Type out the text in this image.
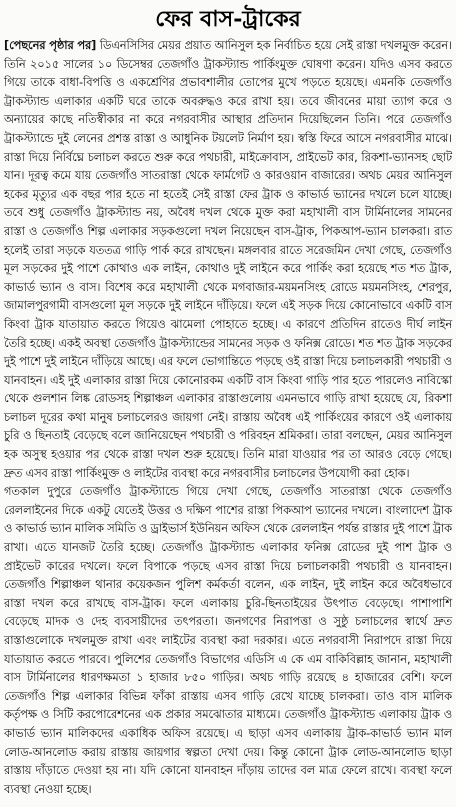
ফের বাস-ট্রাকের
[পেছনের পৃষ্ঠার পর] ডিএনসিসির মেয়র প্রয়াত আনিসুল হক নির্বাচিত হয়ে সেই রাস্তা দখলমুক্ত করেন। তিনি ২০১৫ সালের ১০ ডিসেম্বর তেজগাঁও ট্রাকস্ট্যান্ড পার্কিংমুক্ত ঘোষণা করেন। যদিও এসব করতে গিয়ে তাকে বাধা-বিপত্তি ও একশ্রেণির প্রভাবশালীর তোপের মুখে পড়তে হয়েছে। এমনকি তেজগাঁও ট্রাকস্ট্যান্ড এলাকার একটি ঘরে তাকে অবরুদ্ধও করে রাখা হয়। তবে জীবনের মায়া ত্যাগ করে ও অন্যায়ের কাছে নতিস্বীকার না করে নগরবাসীর আস্থার প্রতিদান দিয়েছিলেন তিনি। পরে তেজগাঁও ট্রাকস্ট্যান্ডে দুই লেনের প্রশস্ত রাস্তা ও আধুনিক টয়লেট নির্মাণ হয়। স্বস্তি ফিরে আসে নগরবাসীর মাঝে। রাস্তা দিয়ে নির্বিঘ্নে চলাচল করতে শুরু করে পথচারী, মাইক্রোবাস, প্রাইভেট কার, রিকশা-ভ্যানসহ ছোট যান। দূরত্ব কমে যায় তেজগাঁও সাতরাস্তা থেকে ফার্মগেট ও কারওয়ান বাজারের। অথচ মেয়র আনিসুল হকের মৃত্যুর এক বছর পার হতে না হতেই সেই রাস্তা ফের ট্রাক ও কাভার্ড ভ্যানের দখলে চলে যাচ্ছে। তবে শুধু তেজগাঁও ট্রাকস্ট্যান্ড নয়, অবৈধ দখল থেকে মুক্ত করা মহাখালী বাস টার্মিনালের সামনের রাস্তা ও তেজগাঁও শিল্প এলাকার সড়কগুলো দখল নিয়েছেন বাস-ট্রাক, পিকআপ-ভ্যান চালকরা। রাত হলেই তারা সড়কে যততত্র গাড়ি পার্ক করে রাখছেন। মঙ্গলবার রাতে সরেজমিন দেখা গেছে, তেজগাঁও মূল সড়কের দুই পাশে কোথাও এক লাইন, কোথাও দুই লাইনে করে পার্কিং করা হয়েছে শত শত ট্রাক, কাভার্ড ভ্যান ও বাস। বিশেষ করে মহাখালী থেকে মগবাজার-ময়মনসিংহ রোডে ময়মনসিংহ, শেরপুর, জামালপুরগামী বাসগুলো মূল সড়কে দুই লাইনে দাঁড়িয়ে। ফলে এই সড়ক দিয়ে কোনোভাবে একটি বাস কিংবা ট্রাক যাতায়াত করতে গিয়েও ঝামেলা পোহাতে হচ্ছে। এ কারণে প্রতিদিন রাতেও দীর্ঘ লাইন তৈরি হচ্ছে। একই অবস্থা তেজগাঁও ট্রাকস্ট্যান্ডের সামনের সড়ক ও ফনিক্স রোডে। শত শত ট্রাক সড়কের দুই পাশে দুই লাইনে দাঁড়িয়ে আছে। এর ফলে ভোগান্তিতে পড়ছে ওই রাস্তা দিয়ে চলাচলকারী পথচারী ও যানবাহন। এই দুই এলাকার রাস্তা দিয়ে কোনোরকম একটি বাস কিংবা গাড়ি পার হতে পারলেও নাবিস্কো থেকে গুলশান লিঙ্ক রোডসহ শিল্পাঞ্চল এলাকার রাস্তাগুলোয় এমনভাবে গাড়ি রাখা হয়েছে যে, রিকশা চলাচল দূরের কথা মানুষ চলাচলেরও জায়গা নেই। রাস্তায় অবৈধ এই পার্কিংয়ের কারণে ওই এলাকায় চুরি ও ছিনতাই বেড়েছে বলে জানিয়েছেন পথচারী ও পরিবহন শ্রমিকরা। তারা বলছেন, মেয়র আনিসুল হক অসুস্থ হওয়ার পর থেকে রাস্তা দখল শুরু হয়েছে। তিনি মারা যাওয়ার পর তা আরও বেড়ে গেছে। দ্রুত এসব রাস্তা পার্কিংমুক্ত ও লাইটের ব্যবস্থা করে নগরবাসীর চলাচলের উপযোগী করা হোক।
গতকাল দুপুরে তেজগাঁও ট্রাকস্ট্যান্ডে গিয়ে দেখা গেছে, তেজগাঁও সাতরাস্তা থেকে তেজগাঁও রেললাইনের দিকে একটু যেতেই উত্তর ও দক্ষিণ পাশের রাস্তা পিকআপ ভ্যানের দখলে। বাংলাদেশ ট্রাক ও কাভার্ড ভ্যান মালিক সমিতি ও ড্রাইভার্স ইউনিয়ন অফিস থেকে রেললাইন পর্যন্ত রাস্তার দুই পাশে ট্রাক রাখা। এতে যানজট তৈরি হচ্ছে। তেজগাঁও ট্রাকস্ট্যান্ড এলাকার ফনিক্স রোডের দুই পাশ ট্রাক ও প্রাইভেট কারের দখলে। ফলে বিপাকে পড়ছে এসব রাস্তা দিয়ে চলাচলকারী পথচারী ও যানবাহন। তেজগাঁও শিল্পাঞ্চল থানার কয়েকজন পুলিশ কর্মকর্তা বলেন, এক লাইন, দুই লাইন করে অবৈধভাবে রাস্তা দখল করে রাখছে বাস-ট্রাক। ফলে এলাকায় চুরি-ছিনতাইয়ের উৎপাত বেড়েছে। পাশাপাশি বেড়েছে মাদক ও দেহ ব্যবসায়ীদের তৎপরতা। জনগণের নিরাপত্তা ও সুষ্ঠু চলাচলের স্বার্থে দ্রুত রাস্তাগুলোকে দখলমুক্ত রাখা এবং লাইটের ব্যবস্থা করা দরকার। এতে নগরবাসী নিরাপদে রাস্তা দিয়ে যাতায়াত করতে পারবে। পুলিশের তেজগাঁও বিভাগের এডিসি এ কে এম বাকিবিল্লাহ জানান, মহাখালী বাস টার্মিনালের ধারণক্ষমতা ১ হাজার ৮৫০ গাড়ির। অথচ গাড়ি রয়েছে ৪ হাজারের বেশি। ফলে তেজগাঁও শিল্প এলাকার বিভিন্ন ফাঁকা রাস্তায় এসব গাড়ি রেখে যাচ্ছে চালকরা। তাও বাস মালিক কর্তৃপক্ষ ও সিটি করপোরেশনের এক প্রকার সমঝোতার মাধ্যমে। তেজগাঁও ট্রাকস্ট্যান্ড এলাকায় ট্রাক ও কাভার্ড ভ্যান মালিকদের একাধিক অফিস রয়েছে। এ ছাড়া এসব এলাকায় ট্রাক-কাভার্ড ভ্যান মাল লোড-আনলোড করায় রাস্তায় জায়গার স্বল্পতা দেখা দেয়। কিন্তু কোনো ট্রাক লোড-আনলোড ছাড়া রাস্তায় দাঁড়াতে দেওয়া হয় না। যদি কোনো যানবাহন দাঁড়ায় তাদের বল মাত্র ফেলে রাখে। ব্যবস্থা ফলে ব্যবস্থা নেওয়া হচ্ছে।
